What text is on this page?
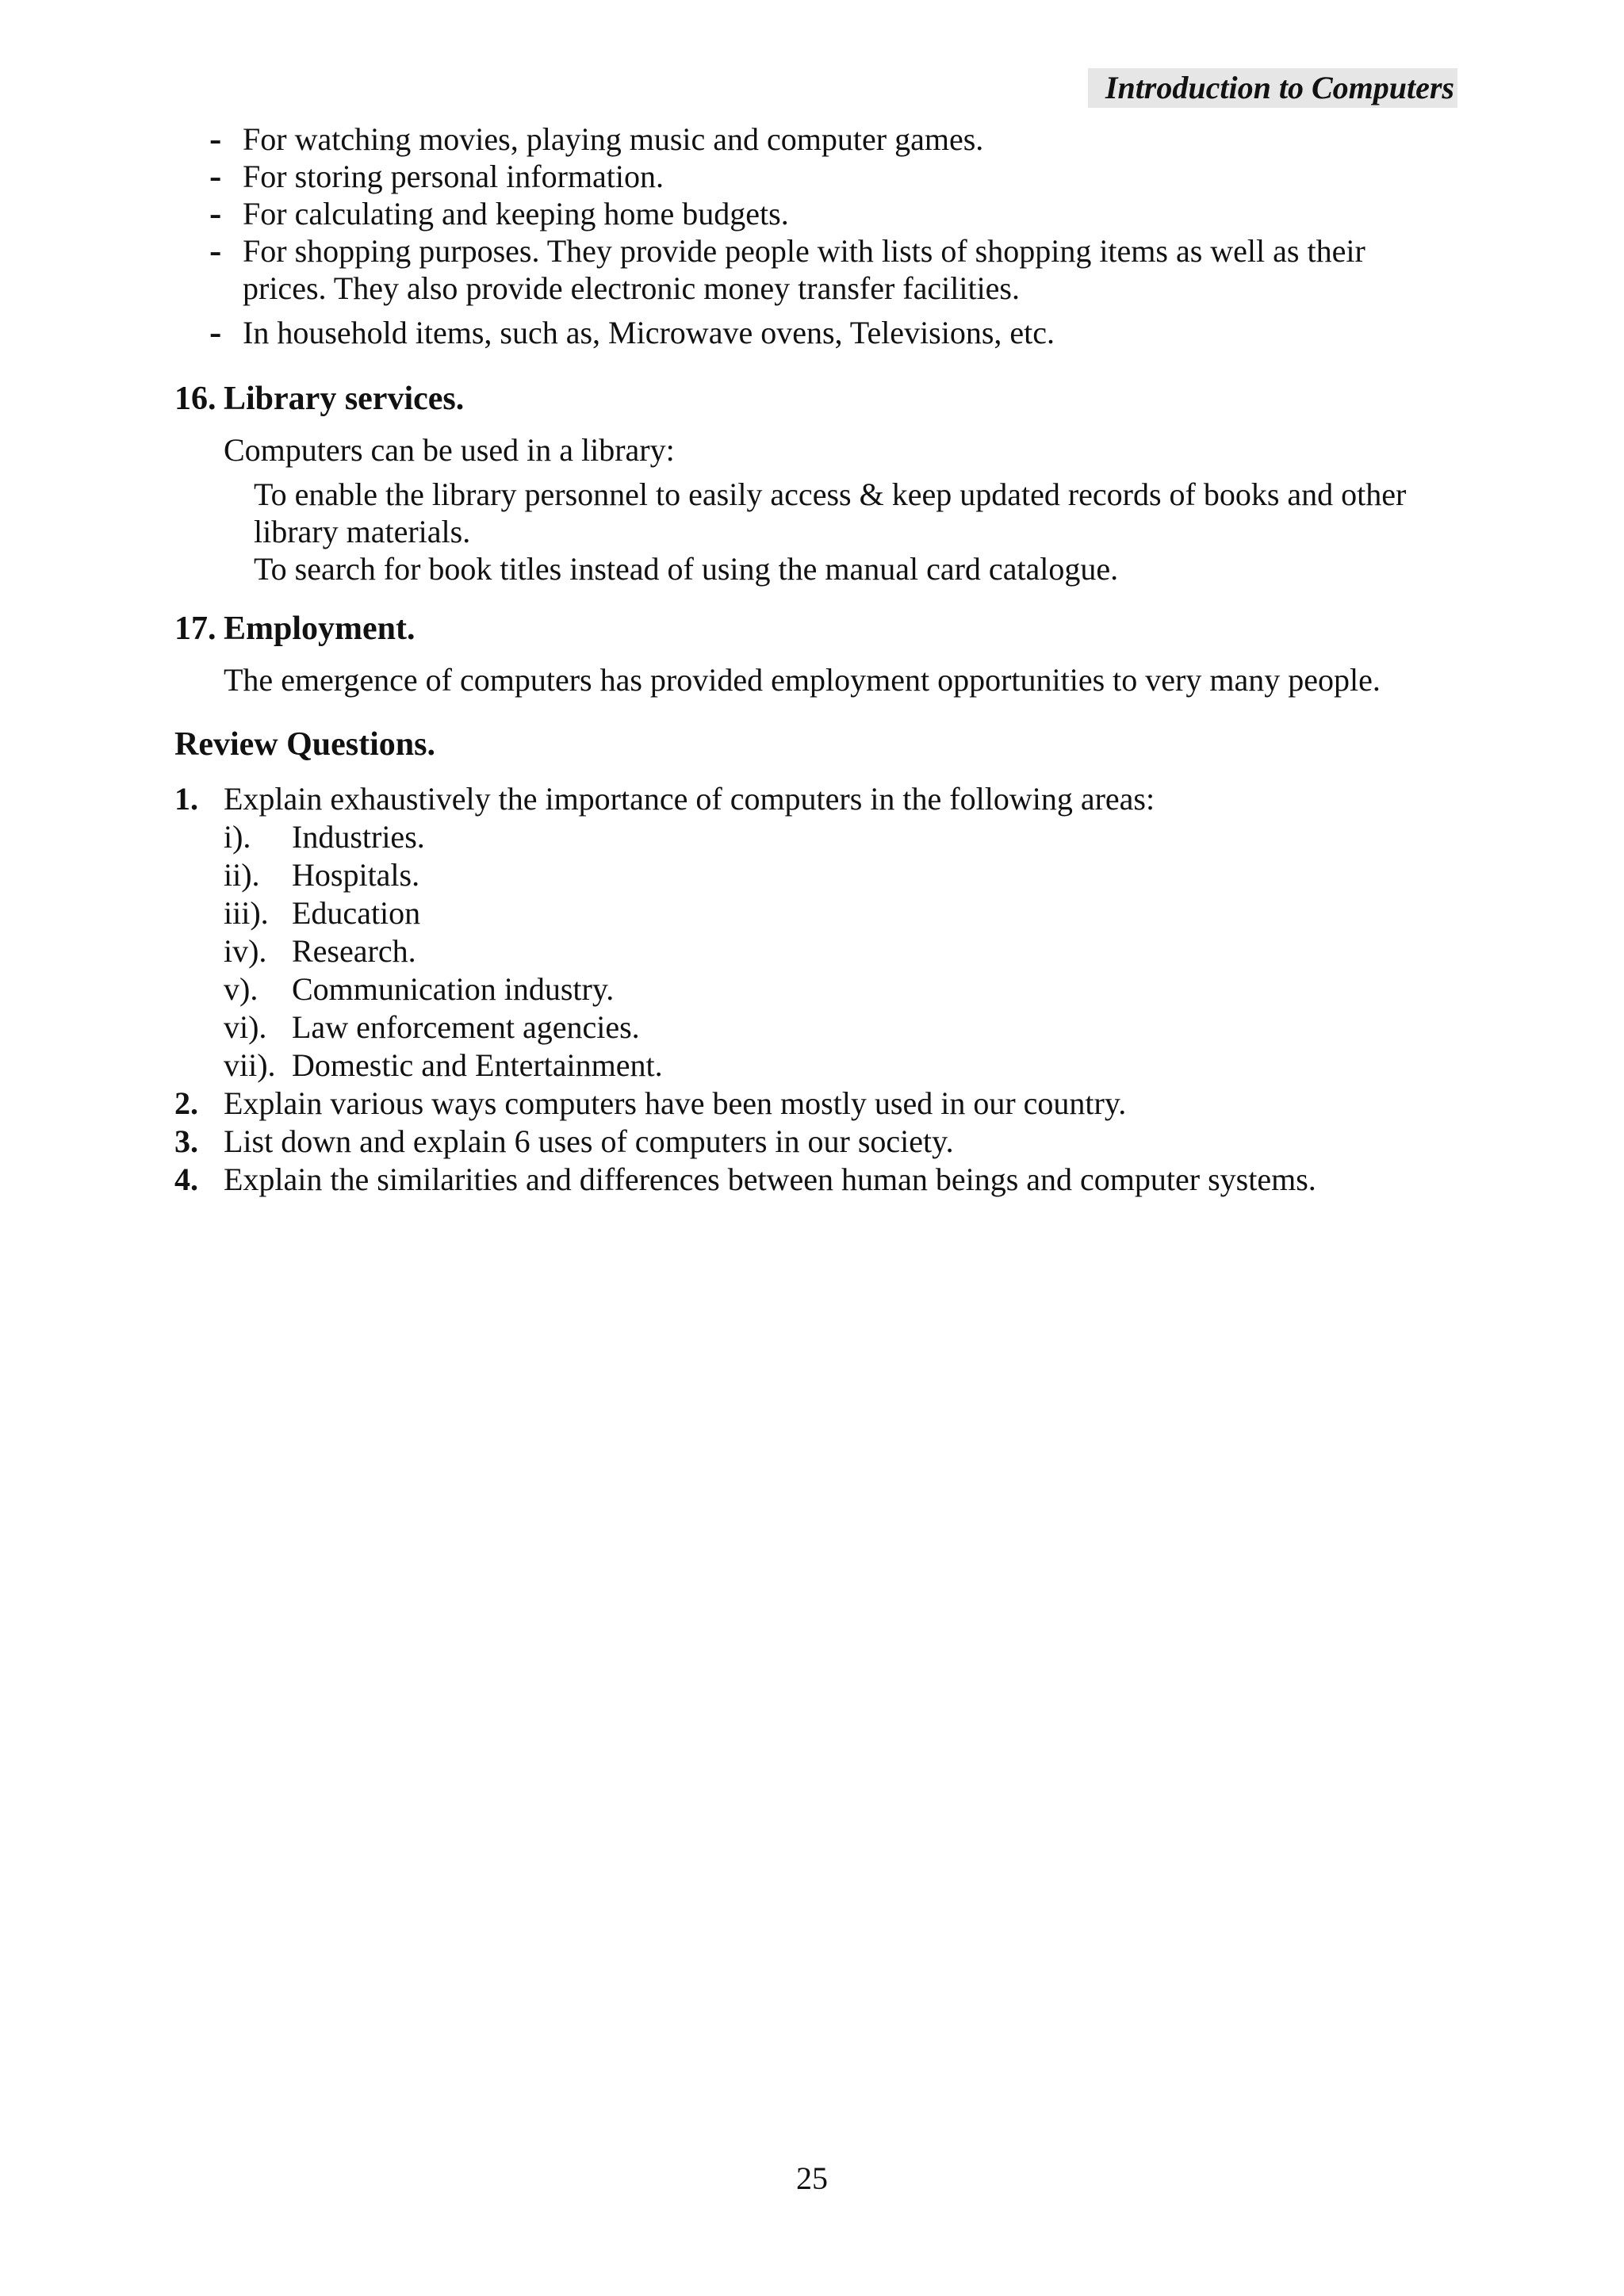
Introduction to Computers
- For watching movies, playing music and computer games.
- For storing personal information.
- For calculating and keeping home budgets.
- For shopping purposes. They provide people with lists of shopping items as well as their
prices. They also provide electronic money transfer facilities.
- In household items, such as, Microwave ovens, Televisions, etc.
16. Library services.
Computers can be used in a library:
To enable the library personnel to easily access & keep updated records of books and other
library materials.
To search for book titles instead of using the manual card catalogue.
17. Employment.
The emergence of computers has provided employment opportunities to very many people.
Review Questions.
1. Explain exhaustively the importance of computers in the following areas:
i). Industries.
ii). Hospitals.
iii). Education
iv). Research.
v). Communication industry.
vi). Law enforcement agencies.
vii). Domestic and Entertainment.
2. Explain various ways computers have been mostly used in our country.
3. List down and explain 6 uses of computers in our society.
4. Explain the similarities and differences between human beings and computer systems.
25
